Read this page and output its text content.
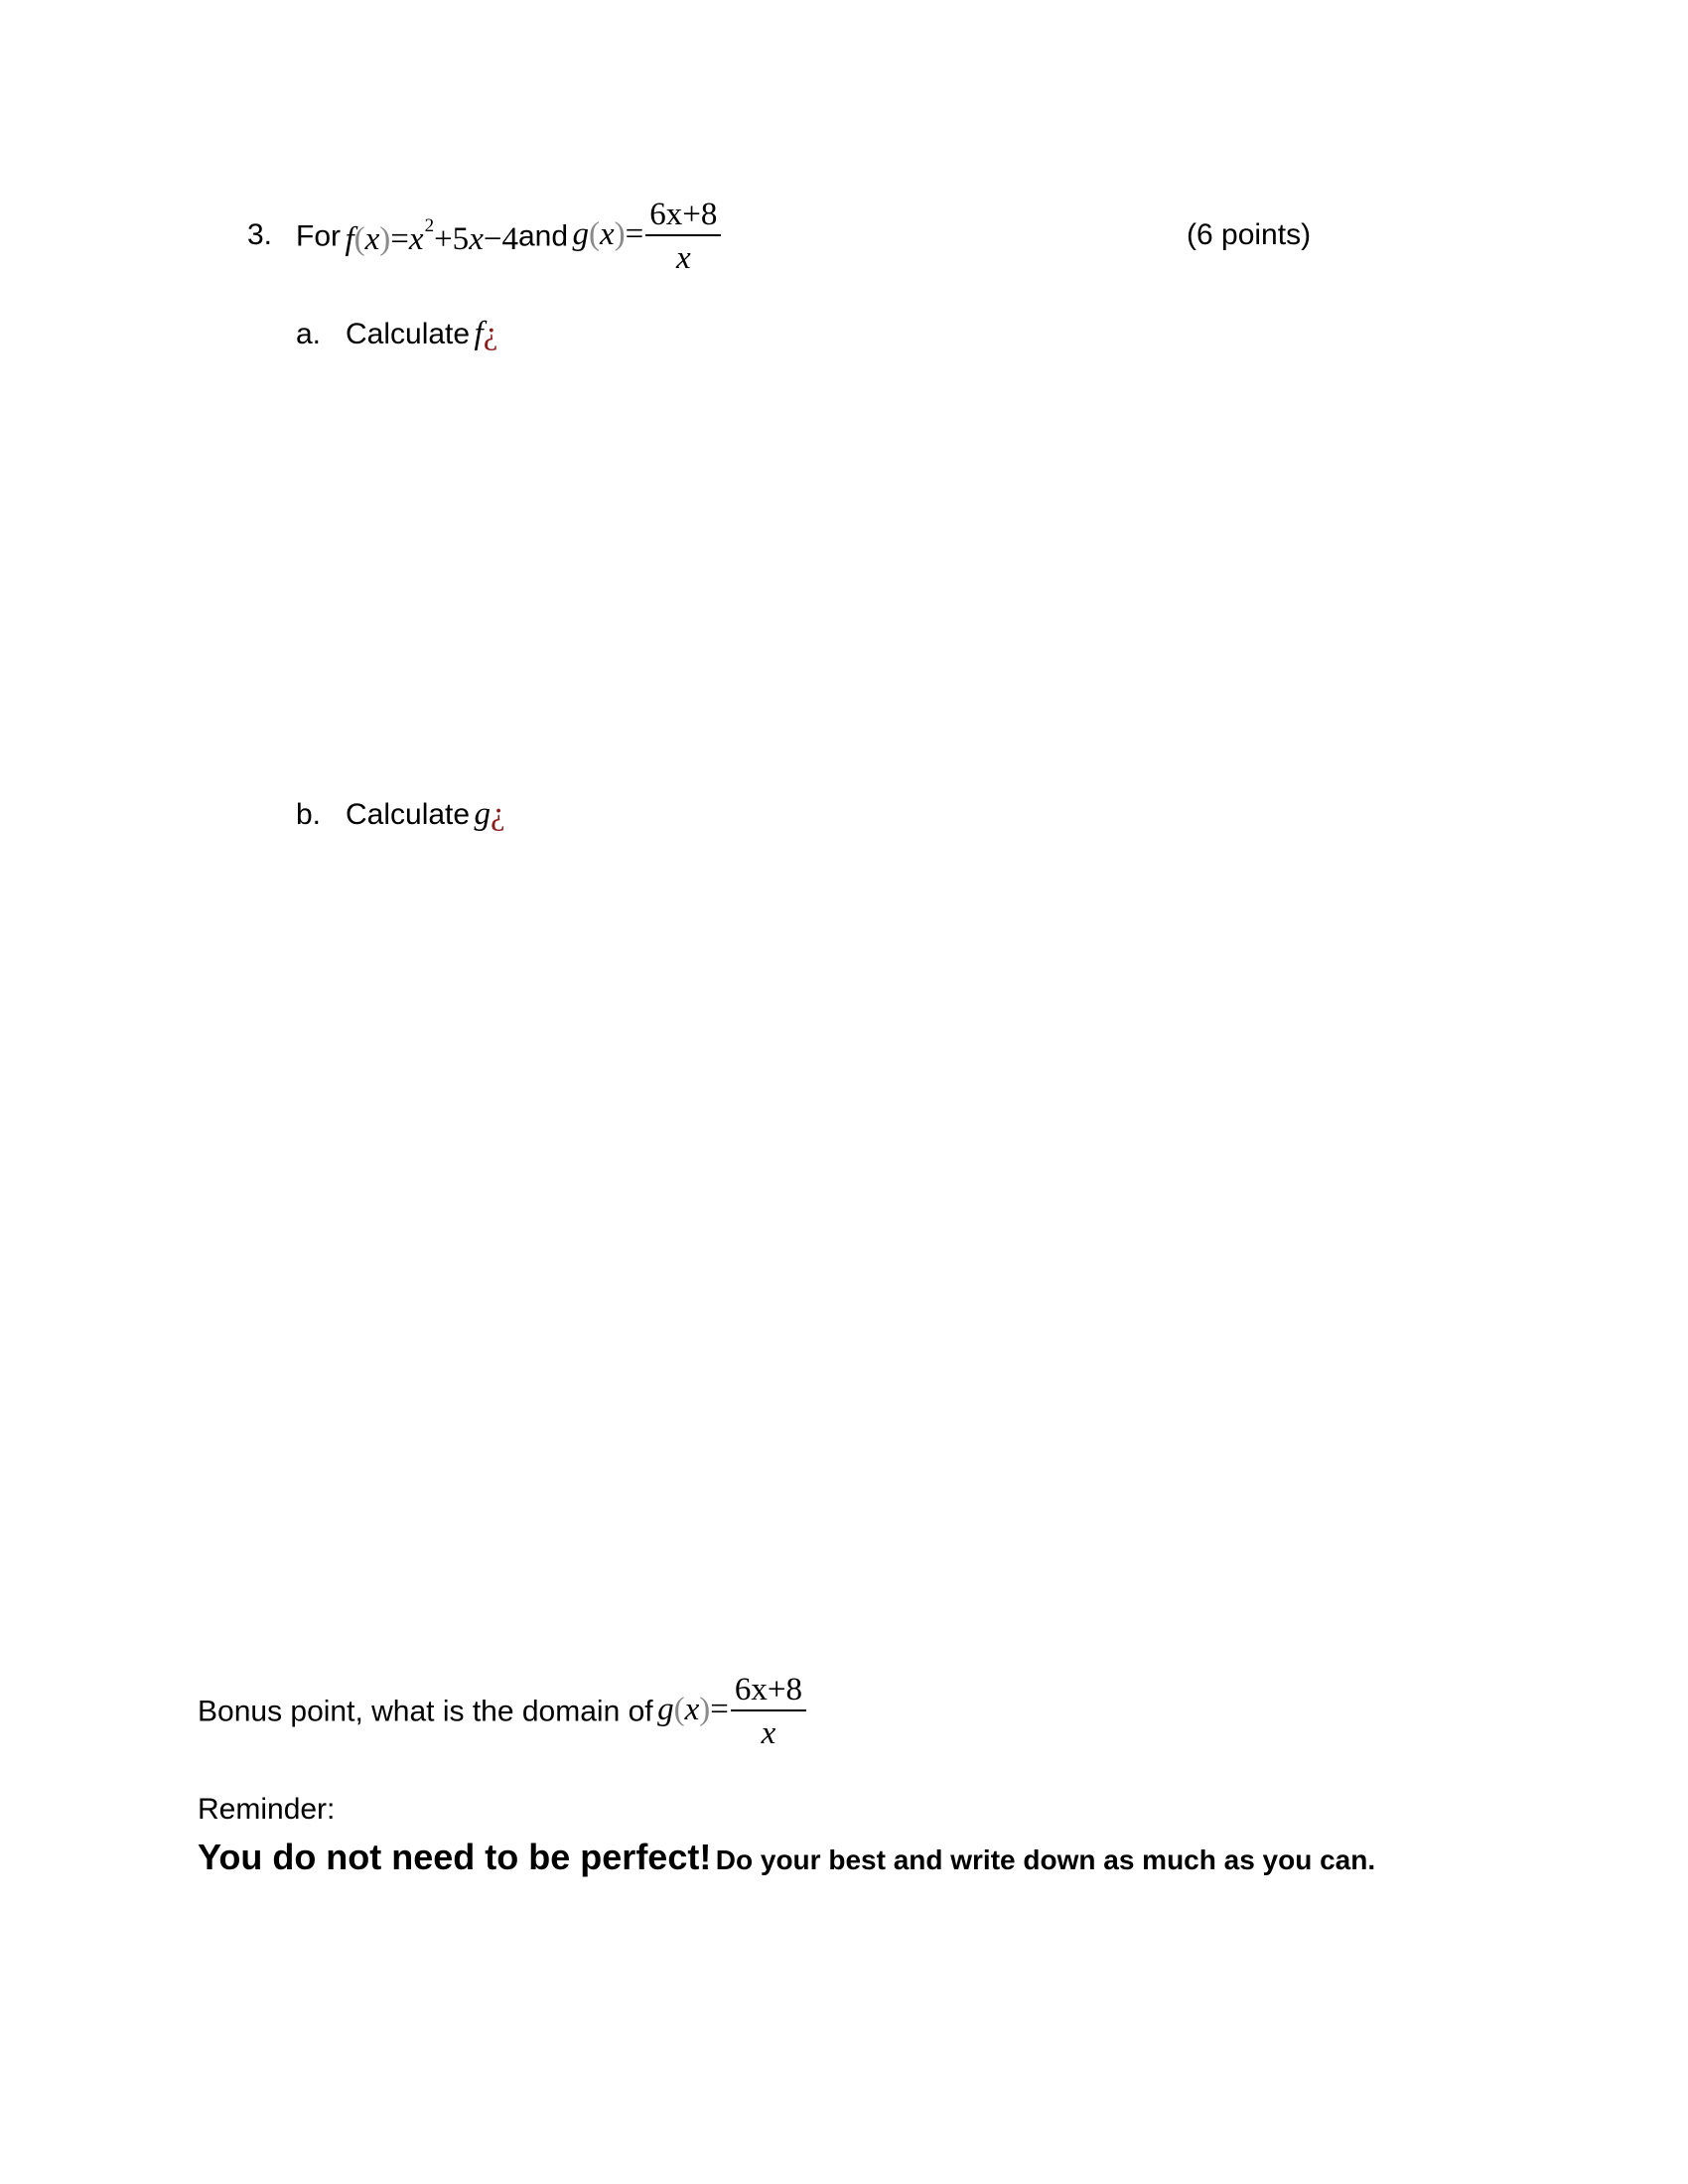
3. For $f(x)=x^2+5x-4and$ $g(x)= \frac{6x+8}{x}$	(6 points)
a. Calculate f¿
b. Calculate g¿
Bonus point, what is the domain of $g(x)= \frac{6x+8}{x}$
Reminder:
You do not need to be perfect! Do your best and write down as much as you can.
